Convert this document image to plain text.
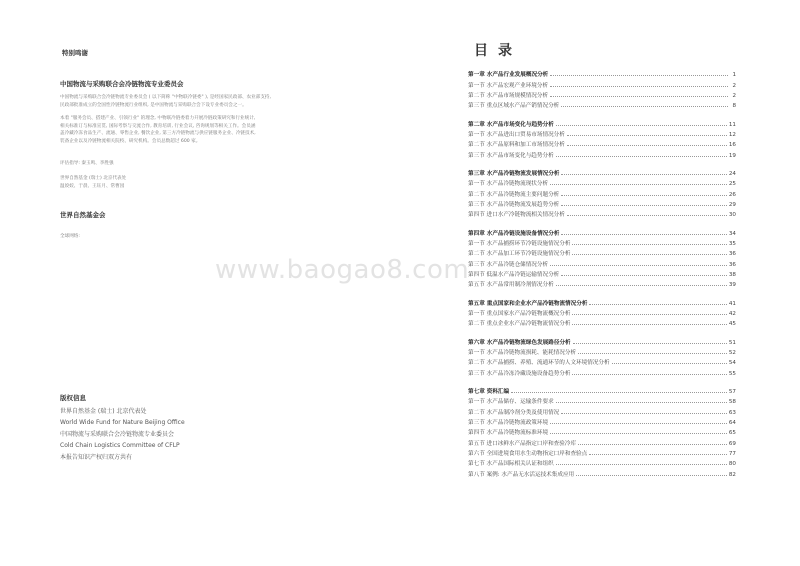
特别鸣谢
中国物流与采购联合会冷链物流专业委员会
中国物流与采购联合会冷链物流专业委员会 ( 以下简称 "中物联冷链委" ), 是经国家民政部、农业部支持,
民政部批准成立的全国性冷链物流行业组织, 是中国物流与采购联合会下设专业委员会之一。
本着 "服务会员、搭建产业、引领行业" 的理念, 中物联冷链委着力开展冷链政策研究和行业统计,
相关标准订与标准宣贯, 国际考察与交流合作, 教育培训, 行业会议, 咨询规划等相关工作。会员涵
盖冷藏冷冻食品生产、流通、零售企业, 餐饮企业, 第三方冷链物流与供应链服务企业、冷链技术,
装备企业以及冷链物流相关院校、研究机构。会员总数超过 600 家。
评估指导: 秦玉鸣、李胜强
世界自然基金 (瑞士) 北京代表处
温姣姣、于晨、王钰月、常曹园
世界自然基金会
全球网络:
版权信息
世界自然基金 (瑞士) 北京代表处
World Wide Fund for Nature Beijing Office
中国物流与采购联合会冷链物流专业委员会
Cold Chain Logistics Committee of CFLP
本报告知识产权归双方共有
www.baogao8.com
目录
第一章 水产品行业发展概况分析	1
第一节 水产品宏观产业环境分析	2
第二节 水产品市场规模情况分析	2
第三节 重点区域水产品产销情况分析	8
第二章 水产品市场变化与趋势分析	11
第一节 水产品进出口贸易市场情况分析	12
第二节 水产品原料和加工市场情况分析	16
第三节 水产品市场变化与趋势分析	19
第三章 水产品冷链物流发展情况分析	24
第一节 水产品冷链物流现状分析	25
第二节 水产品冷链物流主要问题分析	26
第三节 水产品冷链物流发展趋势分析	29
第四节 进口水产冷链物流相关情况分析	30
第四章 水产品冷链设施设备情况分析	34
第一节 水产品捕捞环节冷链设施情况分析	35
第二节 水产品加工环节冷链设施情况分析	36
第三节 水产品冷链仓储情况分析	36
第四节 低温水产品冷链运输情况分析	38
第五节 水产品常用制冷剂情况分析	39
第五章 重点国家和企业水产品冷链物流情况分析	41
第一节 重点国家水产品冷链物流概况分析	42
第二节 重点企业水产品冷链物流情况分析	45
第六章 水产品冷链物流绿色发展路径分析	51
第一节 水产品冷链物流损耗、能耗情况分析	52
第二节 水产品捕捞、养殖、流通环节的人文环境情况分析	54
第三节 水产品冷冻冷藏设施设备趋势分析	55
第七章 资料汇编	57
第一节 水产品储存、运输条件要求	58
第二节 水产品制冷剂分类及使用情况	63
第三节 水产品冷链物流政策环境	64
第四节 水产品冷链物流标准环境	65
第五节 进口冰鲜水产品指定口岸和查验冷库	69
第六节 全国进境食用水生动物指定口岸和查验点	77
第七节 水产品国际相关认证和组织	80
第八节 案例: 水产品无水活运技术集成应用	82
